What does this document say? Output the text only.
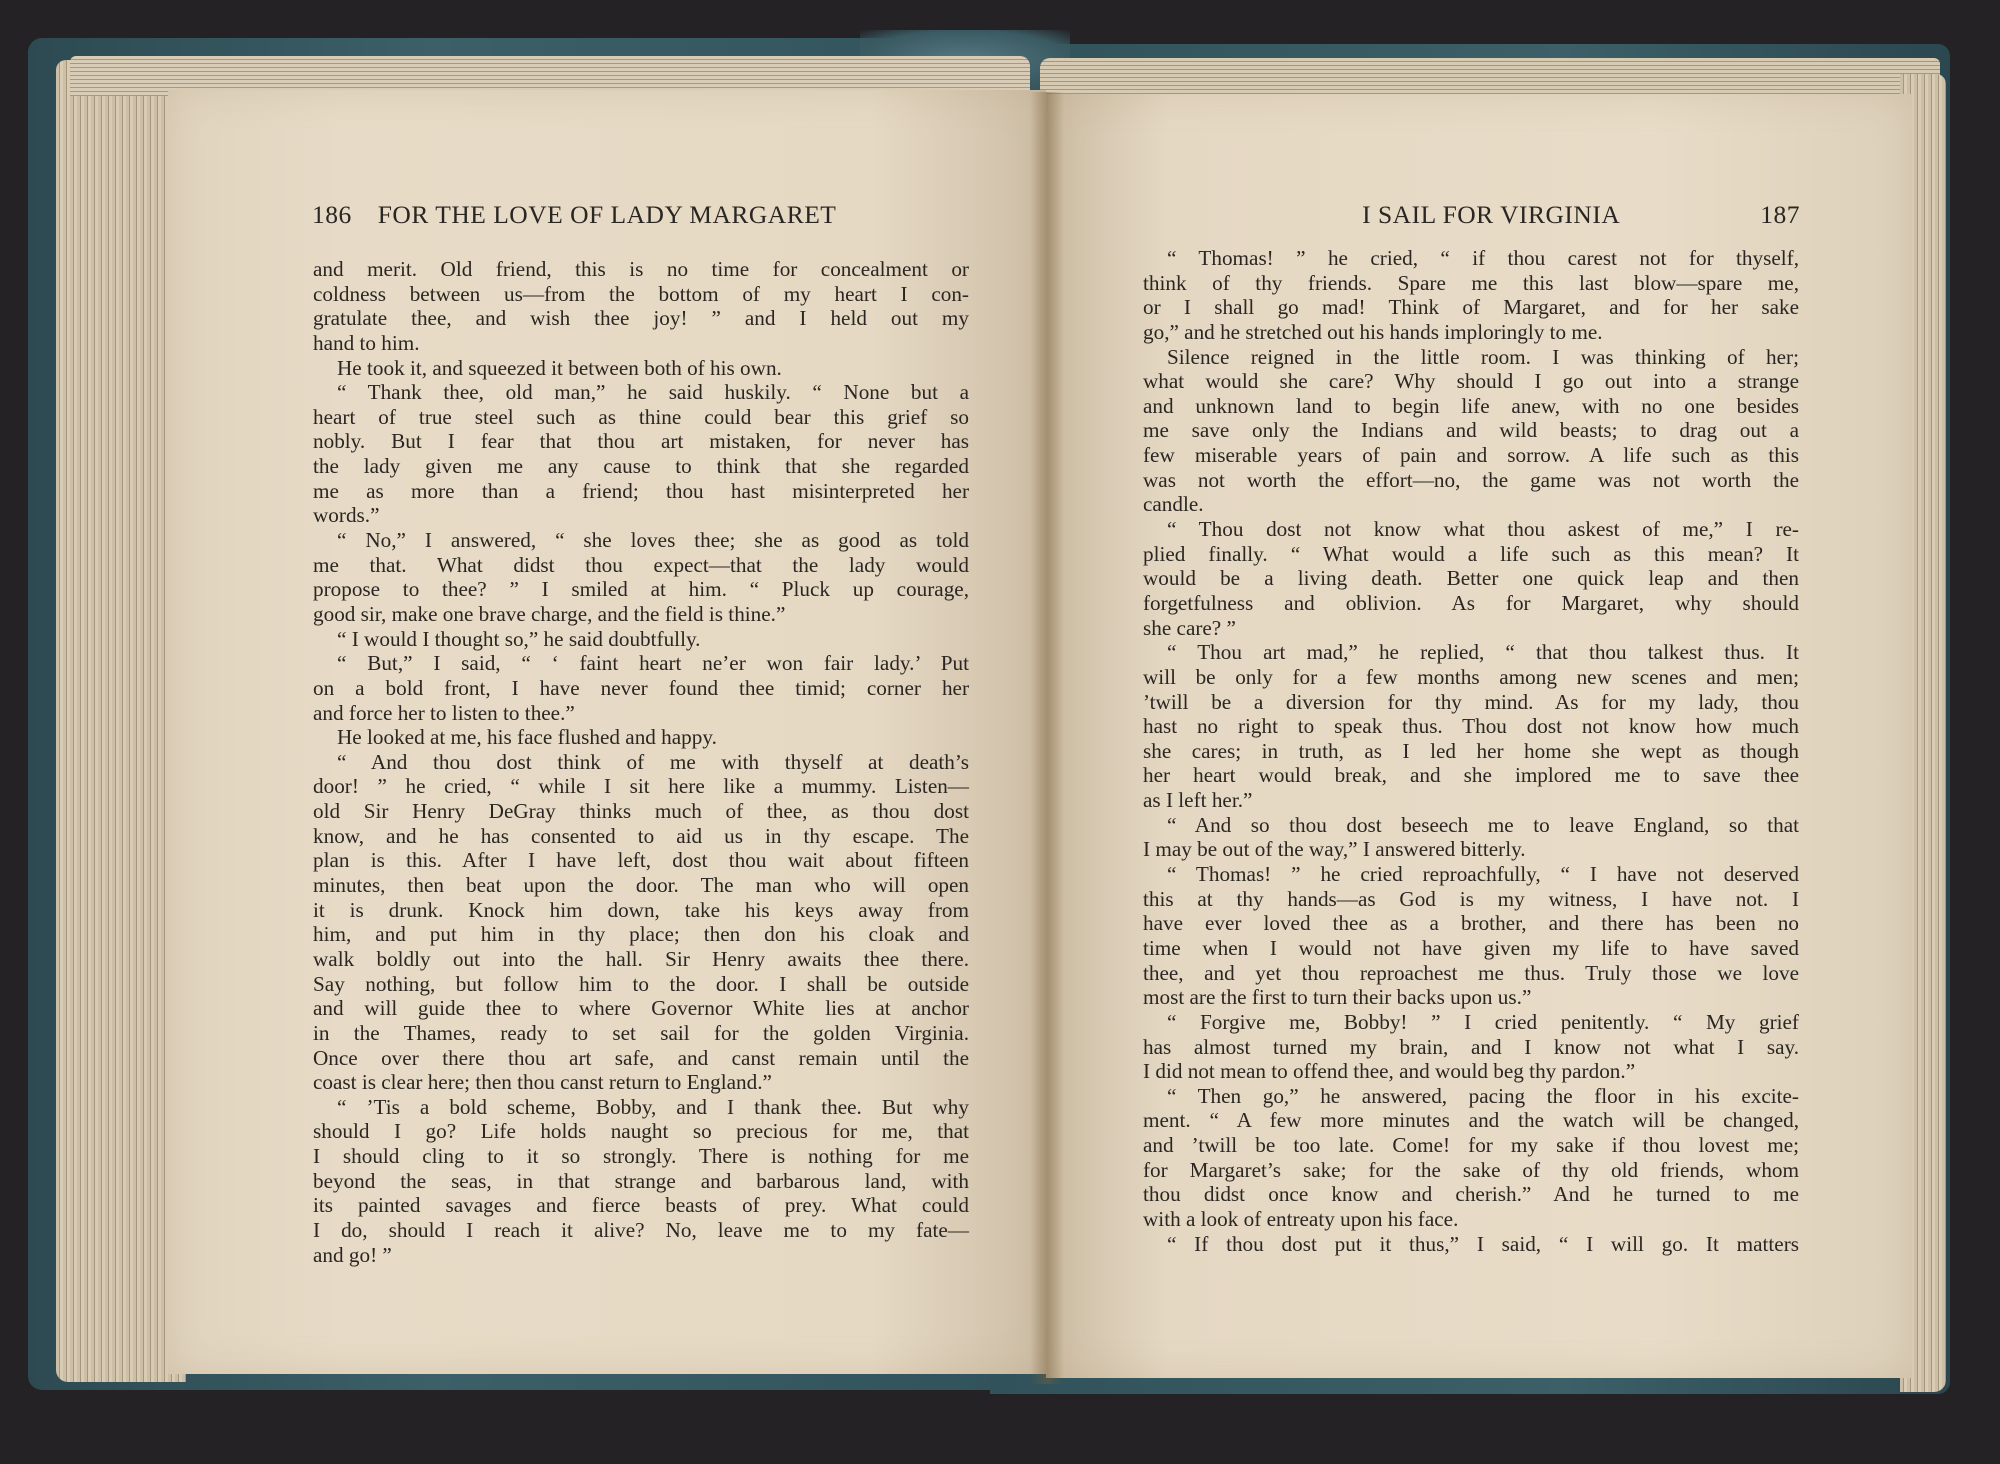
186 FOR THE LOVE OF LADY MARGARET	I SAIL FOR VIRGINIA	187
and merit. Old friend, this is no time for concealment or
coldness between us—from the bottom of my heart I con-
gratulate thee, and wish thee joy! ” and I held out my
hand to him.
He took it, and squeezed it between both of his own.
“ Thank thee, old man,” he said huskily. “ None but a
heart of true steel such as thine could bear this grief so
nobly. But I fear that thou art mistaken, for never has
the lady given me any cause to think that she regarded
me as more than a friend; thou hast misinterpreted her
words.”
“ No,” I answered, “ she loves thee; she as good as told
me that. What didst thou expect—that the lady would
propose to thee? ” I smiled at him. “ Pluck up courage,
good sir, make one brave charge, and the field is thine.”
“ I would I thought so,” he said doubtfully.
“ But,” I said, “ ‘ faint heart ne’er won fair lady.’ Put
on a bold front, I have never found thee timid; corner her
and force her to listen to thee.”
He looked at me, his face flushed and happy.
“ And thou dost think of me with thyself at death’s
door! ” he cried, “ while I sit here like a mummy. Listen—
old Sir Henry DeGray thinks much of thee, as thou dost
know, and he has consented to aid us in thy escape. The
plan is this. After I have left, dost thou wait about fifteen
minutes, then beat upon the door. The man who will open
it is drunk. Knock him down, take his keys away from
him, and put him in thy place; then don his cloak and
walk boldly out into the hall. Sir Henry awaits thee there.
Say nothing, but follow him to the door. I shall be outside
and will guide thee to where Governor White lies at anchor
in the Thames, ready to set sail for the golden Virginia.
Once over there thou art safe, and canst remain until the
coast is clear here; then thou canst return to England.”
“ ’Tis a bold scheme, Bobby, and I thank thee. But why
should I go? Life holds naught so precious for me, that
I should cling to it so strongly. There is nothing for me
beyond the seas, in that strange and barbarous land, with
its painted savages and fierce beasts of prey. What could
I do, should I reach it alive? No, leave me to my fate—
and go! ”
“ Thomas! ” he cried, “ if thou carest not for thyself,
think of thy friends. Spare me this last blow—spare me,
or I shall go mad! Think of Margaret, and for her sake
go,” and he stretched out his hands imploringly to me.
Silence reigned in the little room. I was thinking of her;
what would she care? Why should I go out into a strange
and unknown land to begin life anew, with no one besides
me save only the Indians and wild beasts; to drag out a
few miserable years of pain and sorrow. A life such as this
was not worth the effort—no, the game was not worth the
candle.
“ Thou dost not know what thou askest of me,” I re-
plied finally. “ What would a life such as this mean? It
would be a living death. Better one quick leap and then
forgetfulness and oblivion. As for Margaret, why should
she care? ”
“ Thou art mad,” he replied, “ that thou talkest thus. It
will be only for a few months among new scenes and men;
’twill be a diversion for thy mind. As for my lady, thou
hast no right to speak thus. Thou dost not know how much
she cares; in truth, as I led her home she wept as though
her heart would break, and she implored me to save thee
as I left her.”
“ And so thou dost beseech me to leave England, so that
I may be out of the way,” I answered bitterly.
“ Thomas! ” he cried reproachfully, “ I have not deserved
this at thy hands—as God is my witness, I have not. I
have ever loved thee as a brother, and there has been no
time when I would not have given my life to have saved
thee, and yet thou reproachest me thus. Truly those we love
most are the first to turn their backs upon us.”
“ Forgive me, Bobby! ” I cried penitently. “ My grief
has almost turned my brain, and I know not what I say.
I did not mean to offend thee, and would beg thy pardon.”
“ Then go,” he answered, pacing the floor in his excite-
ment. “ A few more minutes and the watch will be changed,
and ’twill be too late. Come! for my sake if thou lovest me;
for Margaret’s sake; for the sake of thy old friends, whom
thou didst once know and cherish.” And he turned to me
with a look of entreaty upon his face.
“ If thou dost put it thus,” I said, “ I will go. It matters
